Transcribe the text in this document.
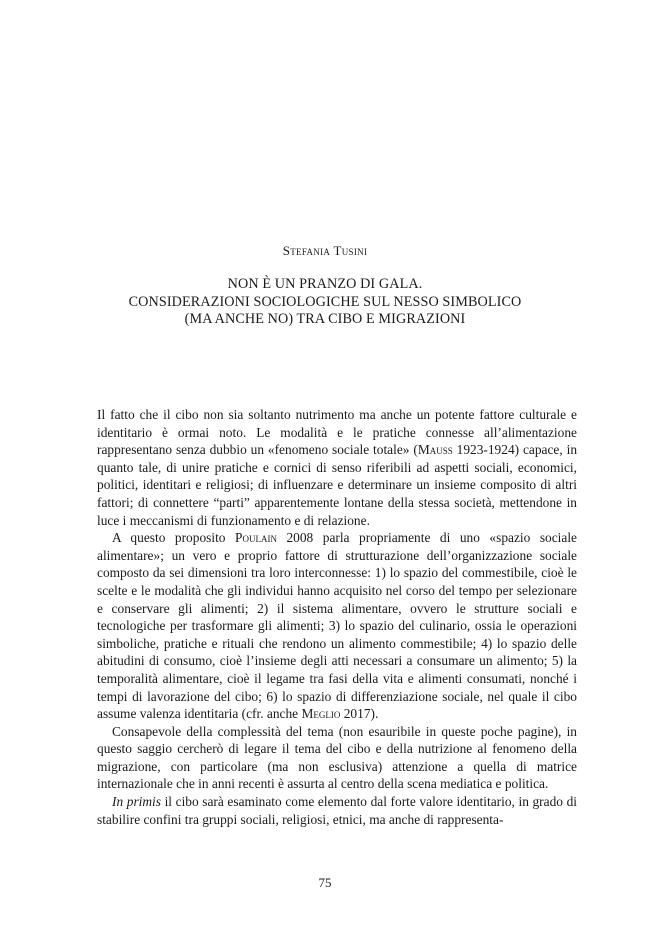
Stefania Tusini
NON È UN PRANZO DI GALA.
CONSIDERAZIONI SOCIOLOGICHE SUL NESSO SIMBOLICO
(MA ANCHE NO) TRA CIBO E MIGRAZIONI

Il fatto che il cibo non sia soltanto nutrimento ma anche un potente fattore culturale e identitario è ormai noto. Le modalità e le pratiche connesse all’alimentazione rappresentano senza dubbio un «fenomeno sociale totale» (Mauss 1923-1924) capace, in quanto tale, di unire pratiche e cornici di senso riferibili ad aspetti sociali, economici, politici, identitari e religiosi; di influenzare e determinare un insieme composito di altri fattori; di connettere “parti” apparentemente lontane della stessa società, mettendone in luce i meccanismi di funzionamento e di relazione.

A questo proposito Poulain 2008 parla propriamente di uno «spazio sociale alimentare»; un vero e proprio fattore di strutturazione dell’organizzazione sociale composto da sei dimensioni tra loro interconnesse: 1) lo spazio del commestibile, cioè le scelte e le modalità che gli individui hanno acquisito nel corso del tempo per selezionare e conservare gli alimenti; 2) il sistema alimentare, ovvero le strutture sociali e tecnologiche per trasformare gli alimenti; 3) lo spazio del culinario, ossia le operazioni simboliche, pratiche e rituali che rendono un alimento commestibile; 4) lo spazio delle abitudini di consumo, cioè l’insieme degli atti necessari a consumare un alimento; 5) la temporalità alimentare, cioè il legame tra fasi della vita e alimenti consumati, nonché i tempi di lavorazione del cibo; 6) lo spazio di differenziazione sociale, nel quale il cibo assume valenza identitaria (cfr. anche Meglio 2017).

Consapevole della complessità del tema (non esauribile in queste poche pagine), in questo saggio cercherò di legare il tema del cibo e della nutrizione al fenomeno della migrazione, con particolare (ma non esclusiva) attenzione a quella di matrice internazionale che in anni recenti è assurta al centro della scena mediatica e politica.

In primis il cibo sarà esaminato come elemento dal forte valore identitario, in grado di stabilire confini tra gruppi sociali, religiosi, etnici, ma anche di rappresenta-

75
